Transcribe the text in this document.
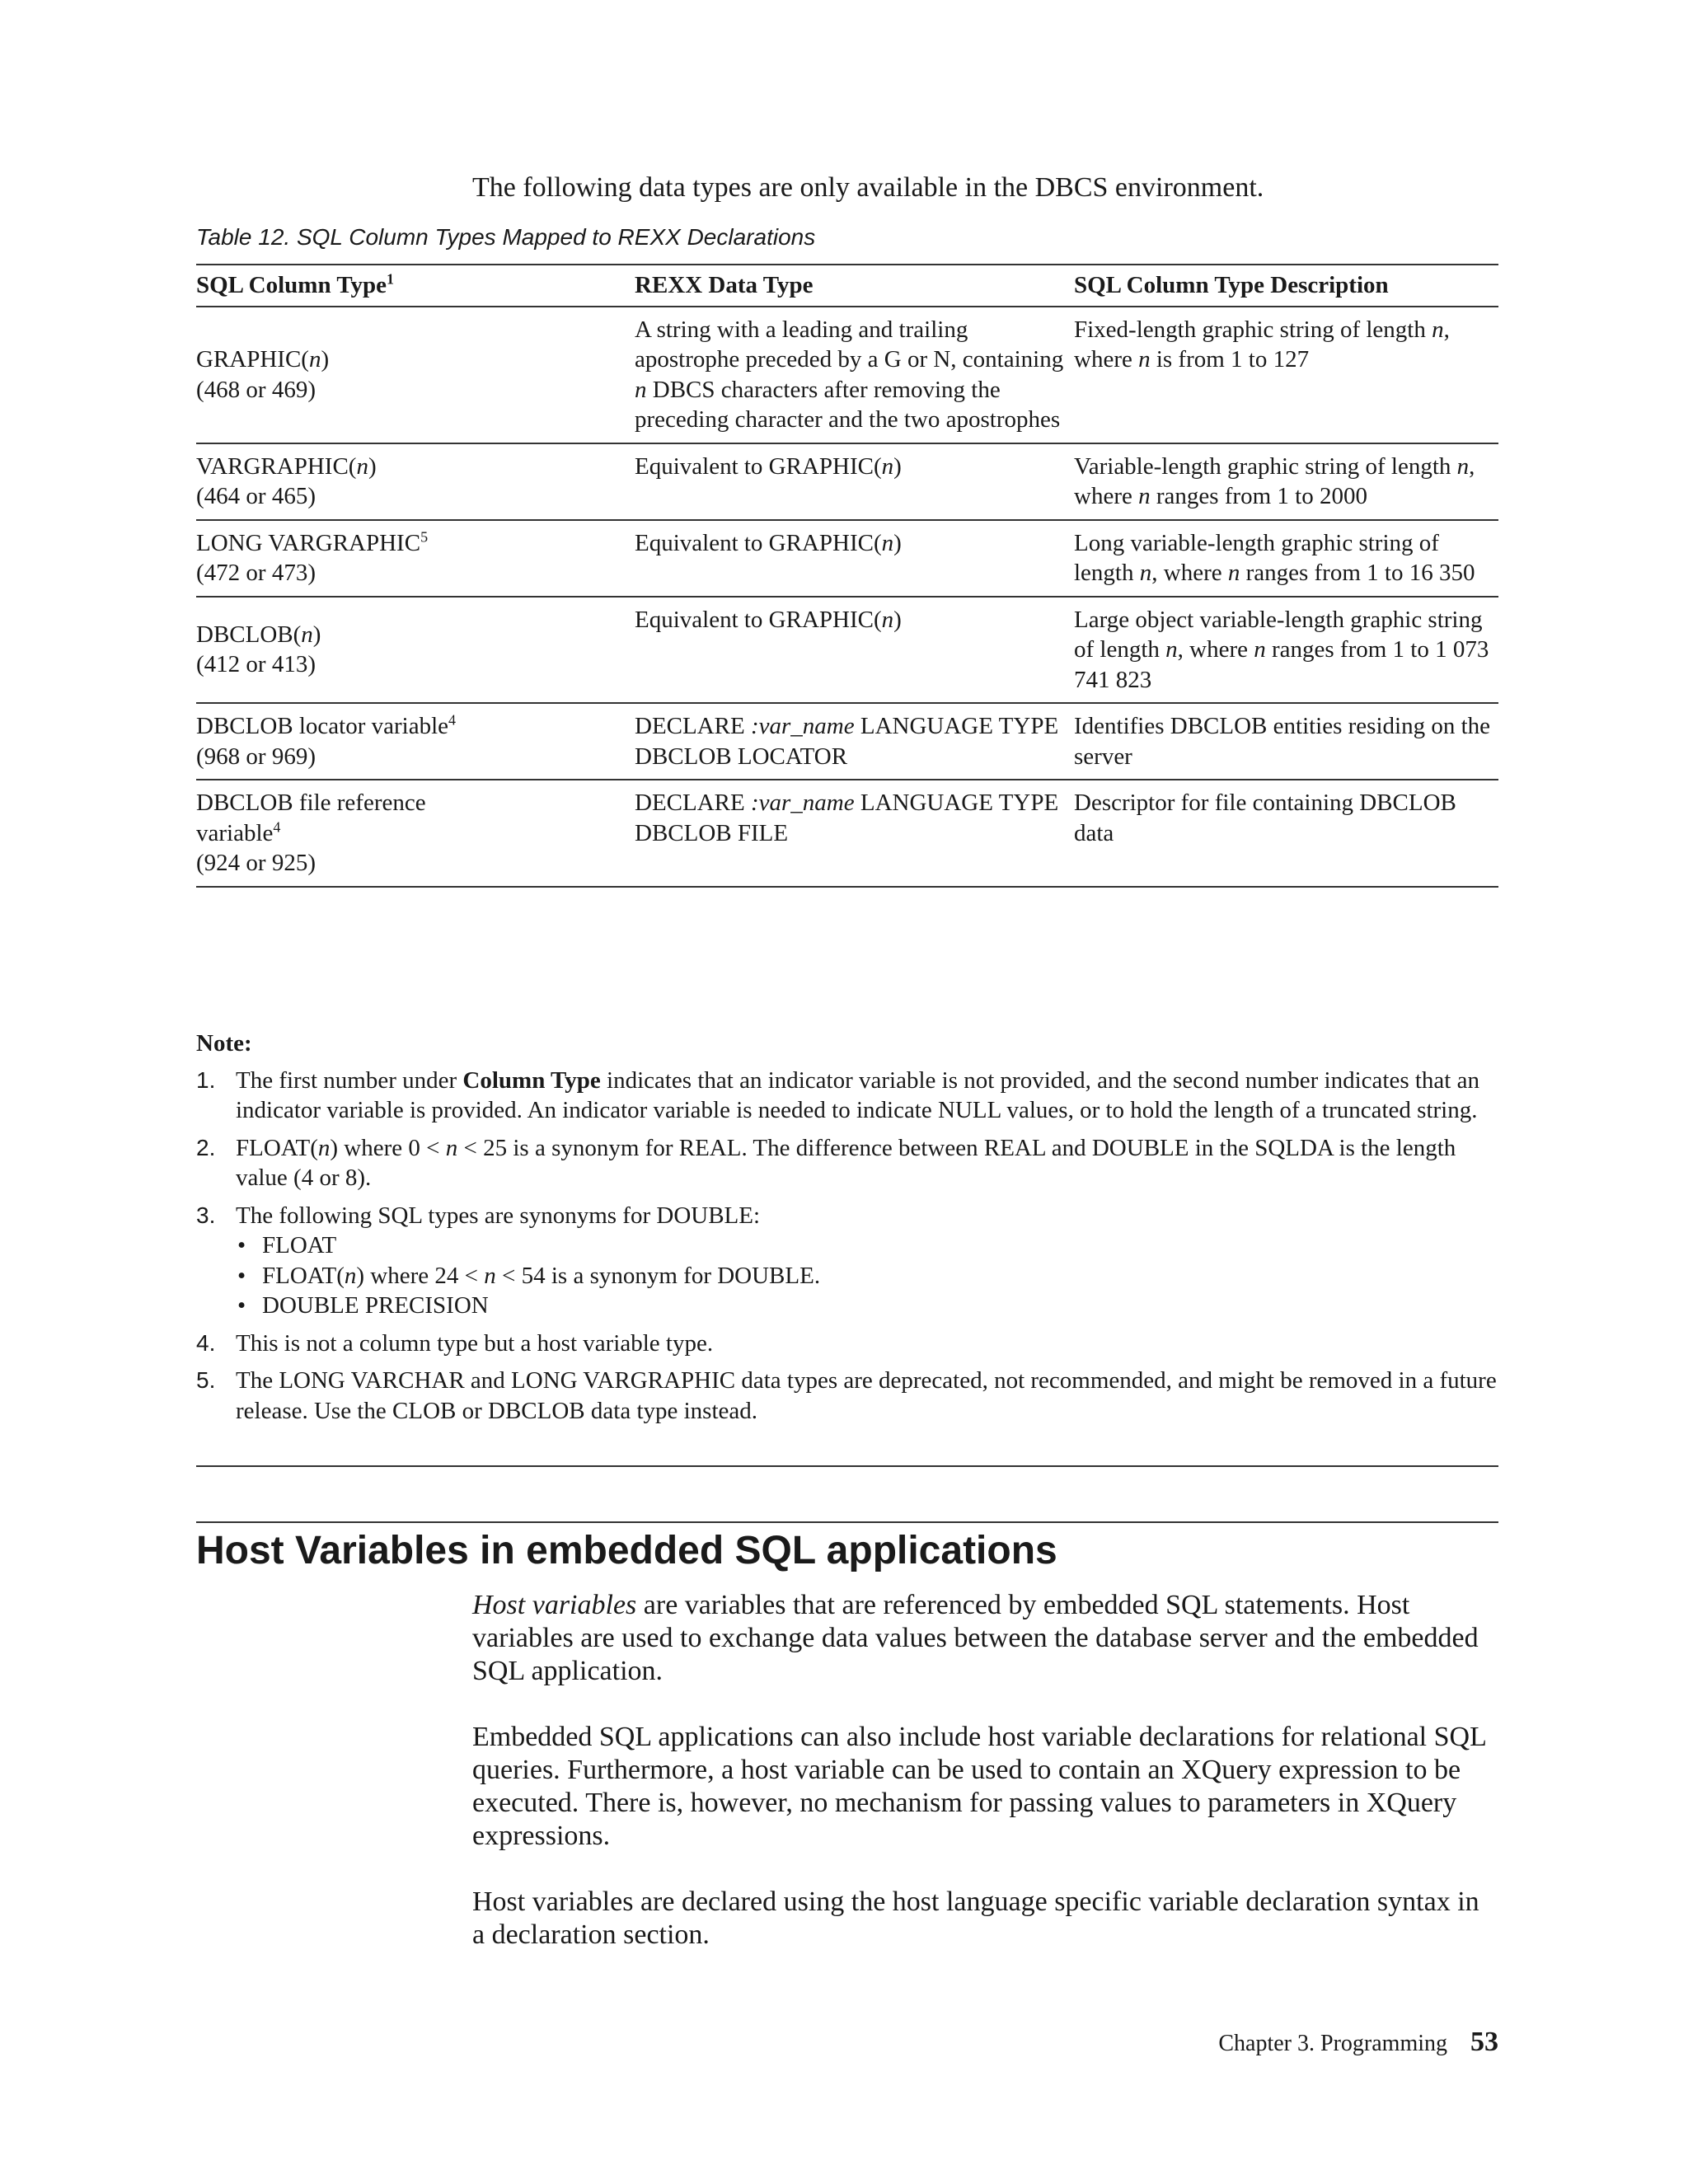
The following data types are only available in the DBCS environment.
Table 12. SQL Column Types Mapped to REXX Declarations
SQL Column Type$^1$	REXX Data Type	SQL Column Type Description

GRAPHIC(n)
(468 or 469)	A string with a leading and trailing apostrophe preceded by a G or N, containing n DBCS characters after removing the preceding character and the two apostrophes	Fixed-length graphic string of length n, where n is from 1 to 127

VARGRAPHIC(n)
(464 or 465)	Equivalent to GRAPHIC(n)	Variable-length graphic string of length n, where n ranges from 1 to 2000

LONG VARGRAPHIC$^5$
(472 or 473)	Equivalent to GRAPHIC(n)	Long variable-length graphic string of length n, where n ranges from 1 to 16 350

DBCLOB(n)
(412 or 413)	Equivalent to GRAPHIC(n)	Large object variable-length graphic string of length n, where n ranges from 1 to 1 073 741 823

DBCLOB locator variable$^4$
(968 or 969)	DECLARE :var_name LANGUAGE TYPE DBCLOB LOCATOR	Identifies DBCLOB entities residing on the server

DBCLOB file reference
variable$^4$
(924 or 925)	DECLARE :var_name LANGUAGE TYPE DBCLOB FILE	Descriptor for file containing DBCLOB data
Note:
1. The first number under Column Type indicates that an indicator variable is not provided, and the second number indicates that an indicator variable is provided. An indicator variable is needed to indicate NULL values, or to hold the length of a truncated string.
2. FLOAT(n) where 0 < n < 25 is a synonym for REAL. The difference between REAL and DOUBLE in the SQLDA is the length value (4 or 8).
3. The following SQL types are synonyms for DOUBLE:
• FLOAT
• FLOAT(n) where 24 < n < 54 is a synonym for DOUBLE.
• DOUBLE PRECISION
4. This is not a column type but a host variable type.
5. The LONG VARCHAR and LONG VARGRAPHIC data types are deprecated, not recommended, and might be removed in a future release. Use the CLOB or DBCLOB data type instead.
Host Variables in embedded SQL applications

Host variables are variables that are referenced by embedded SQL statements. Host variables are used to exchange data values between the database server and the embedded SQL application.

Embedded SQL applications can also include host variable declarations for relational SQL queries. Furthermore, a host variable can be used to contain an XQuery expression to be executed. There is, however, no mechanism for passing values to parameters in XQuery expressions.

Host variables are declared using the host language specific variable declaration syntax in a declaration section.

Chapter 3. Programming 53
